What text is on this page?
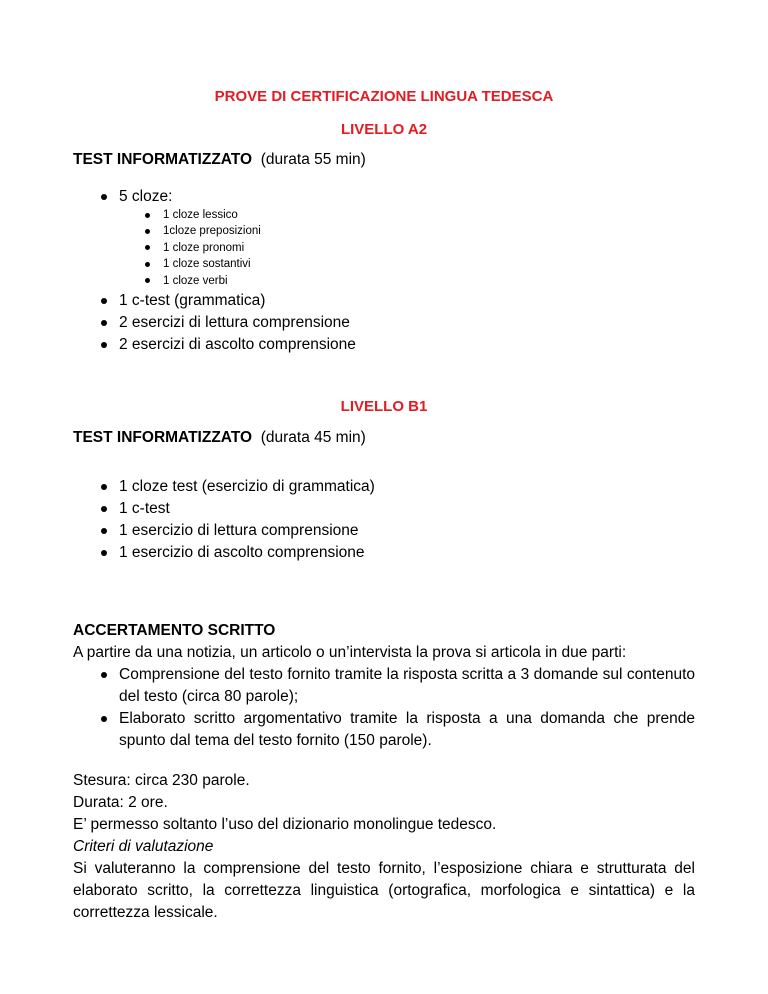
PROVE DI CERTIFICAZIONE LINGUA TEDESCA
LIVELLO A2

TEST INFORMATIZZATO  (durata 55 min)

5 cloze:
1 cloze lessico
1cloze preposizioni
1 cloze pronomi
1 cloze sostantivi
1 cloze verbi
1 c-test (grammatica)
2 esercizi di lettura comprensione
2 esercizi di ascolto comprensione
LIVELLO B1

TEST INFORMATIZZATO  (durata 45 min)

1 cloze test (esercizio di grammatica)
1 c-test
1 esercizio di lettura comprensione
1 esercizio di ascolto comprensione

ACCERTAMENTO SCRITTO

A partire da una notizia, un articolo o un’intervista la prova si articola in due parti:

Comprensione del testo fornito tramite la risposta scritta a 3 domande sul contenuto del testo (circa 80 parole);
Elaborato scritto argomentativo tramite la risposta a una domanda che prende spunto dal tema del testo fornito (150 parole).

Stesura: circa 230 parole.

Durata: 2 ore.

E’ permesso soltanto l’uso del dizionario monolingue tedesco.

Criteri di valutazione

Si valuteranno la comprensione del testo fornito, l’esposizione chiara e strutturata del elaborato scritto, la correttezza linguistica (ortografica, morfologica e sintattica) e la correttezza lessicale.
